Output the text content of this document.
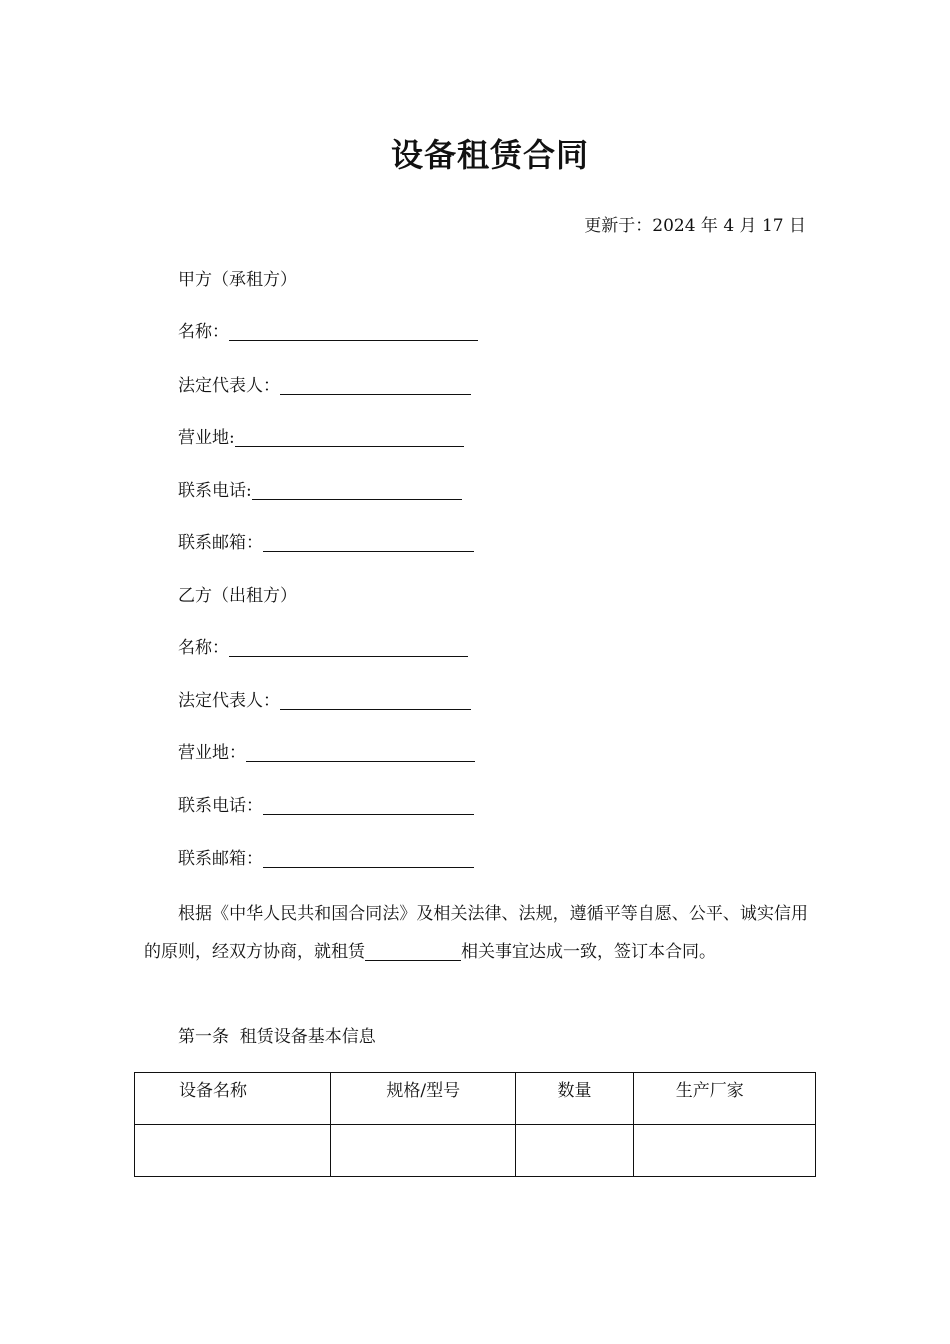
设备租赁合同
更新于：2024 年 4 月 17 日
甲方（承租方）
名称：
法定代表人：
营业地:
联系电话:
联系邮箱：
乙方（出租方）
名称：
法定代表人：
营业地：
联系电话：
联系邮箱：
根据《中华人民共和国合同法》及相关法律、法规，遵循平等自愿、公平、诚实信用的原则，经双方协商，就租赁	相关事宜达成一致，签订本合同。
第一条  租赁设备基本信息
设备名称	规格/型号	数量	生产厂家
